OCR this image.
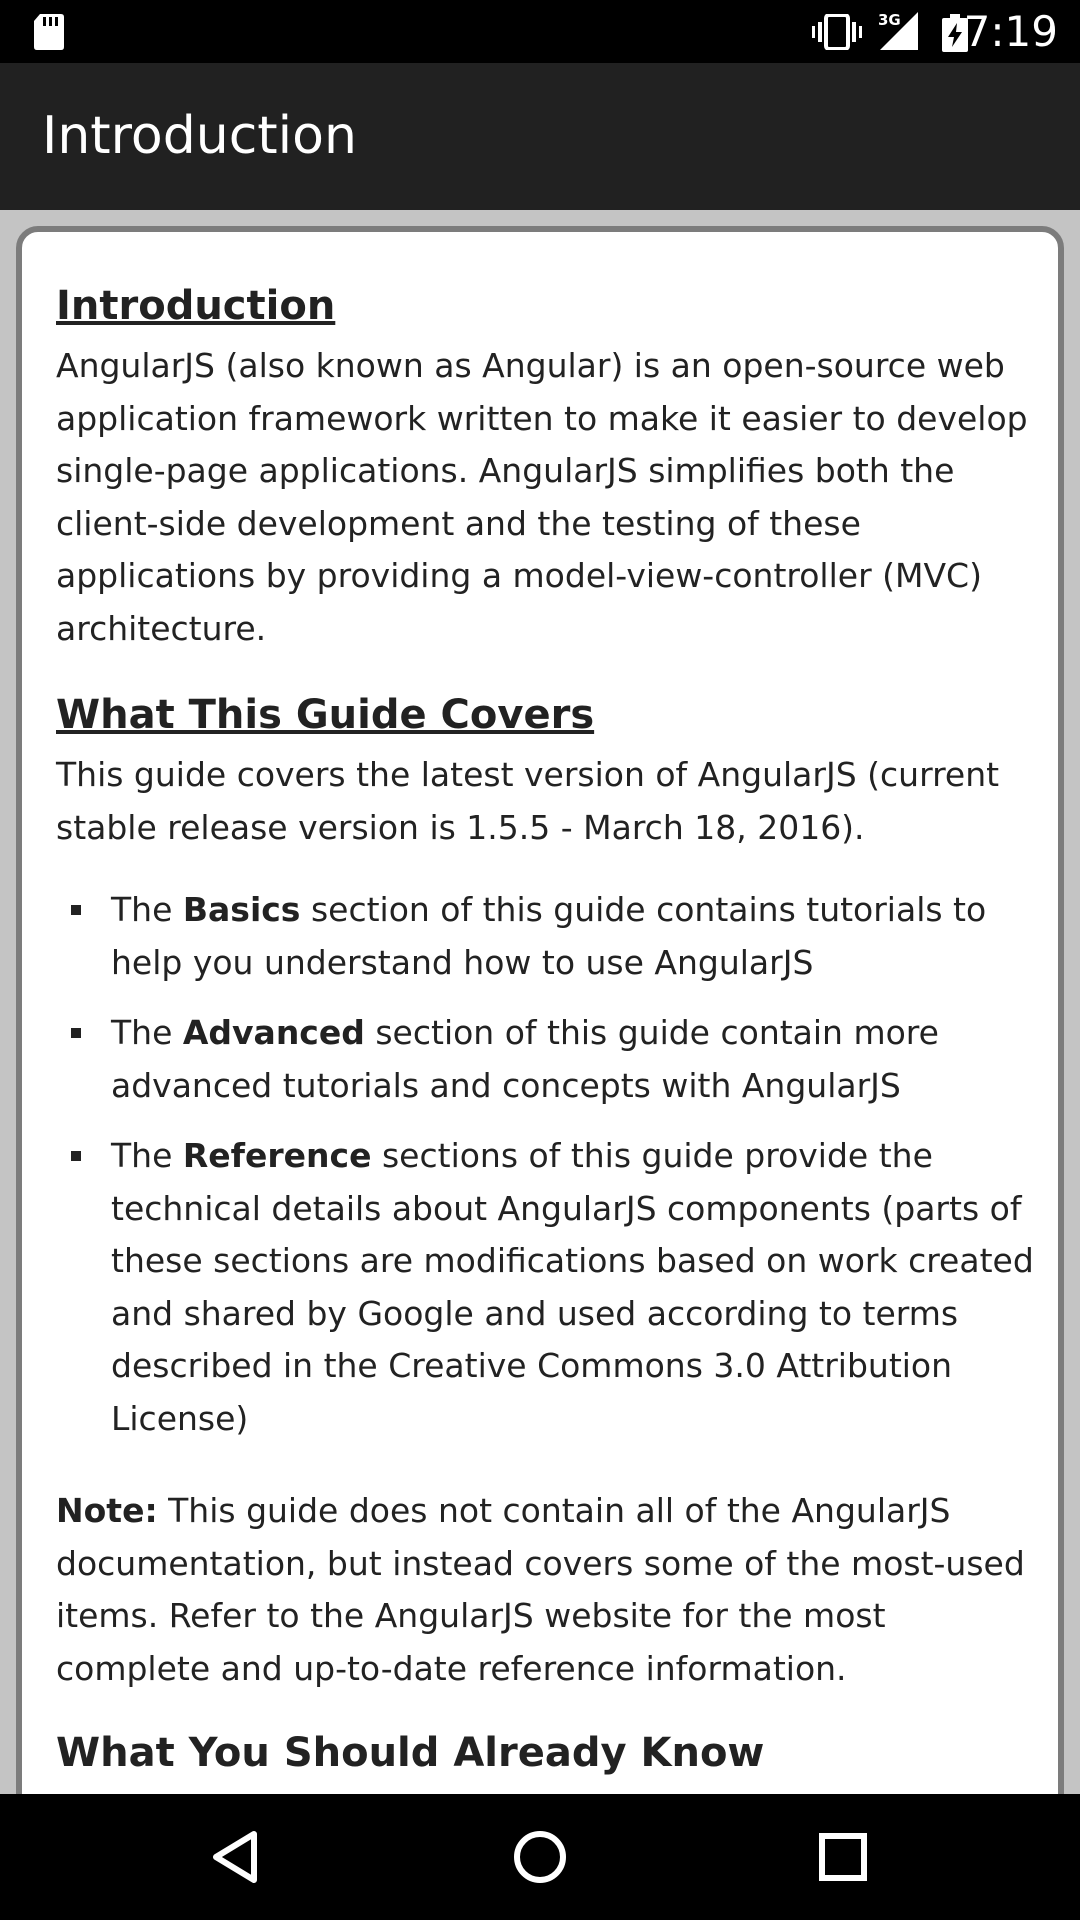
3G 7:19
Introduction
Introduction

AngularJS (also known as Angular) is an open-source web application framework written to make it easier to develop single-page applications. AngularJS simplifies both the client-side development and the testing of these applications by providing a model-view-controller (MVC) architecture.

What This Guide Covers

This guide covers the latest version of AngularJS (current stable release version is 1.5.5 - March 18, 2016).

The Basics section of this guide contains tutorials to help you understand how to use AngularJS
The Advanced section of this guide contain more advanced tutorials and concepts with AngularJS
The Reference sections of this guide provide the technical details about AngularJS components (parts of these sections are modifications based on work created and shared by Google and used according to terms described in the Creative Commons 3.0 Attribution License)

Note: This guide does not contain all of the AngularJS documentation, but instead covers some of the most-used items. Refer to the AngularJS website for the most complete and up-to-date reference information.

What You Should Already Know
